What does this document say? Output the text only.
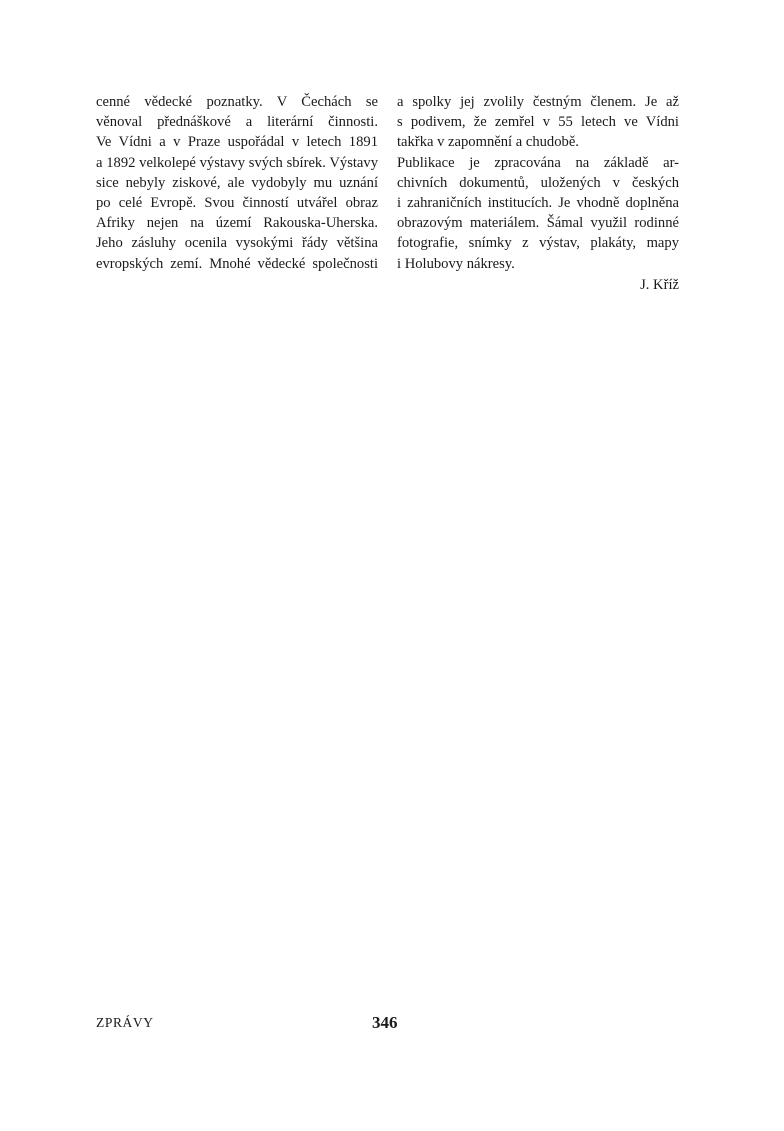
cenné vědecké poznatky. V Čechách se
věnoval přednáškové a literární činnosti.
Ve Vídni a v Praze uspořádal v letech 1891
a 1892 velkolepé výstavy svých sbírek. Výstavy
sice nebyly ziskové, ale vydobyly mu uznání
po celé Evropě. Svou činností utvářel obraz
Afriky nejen na území Rakouska-Uherska.
Jeho zásluhy ocenila vysokými řády většina
evropských zemí. Mnohé vědecké společnosti
a spolky jej zvolily čestným členem. Je až
s podivem, že zemřel v 55 letech ve Vídni
takřka v zapomnění a chudobě.
Publikace je zpracována na základě ar-
chivních dokumentů, uložených v českých
i zahraničních institucích. Je vhodně doplněna
obrazovým materiálem. Šámal využil rodinné
fotografie, snímky z výstav, plakáty, mapy
i Holubovy nákresy.
J. Kříž
ZPRÁVY	346
